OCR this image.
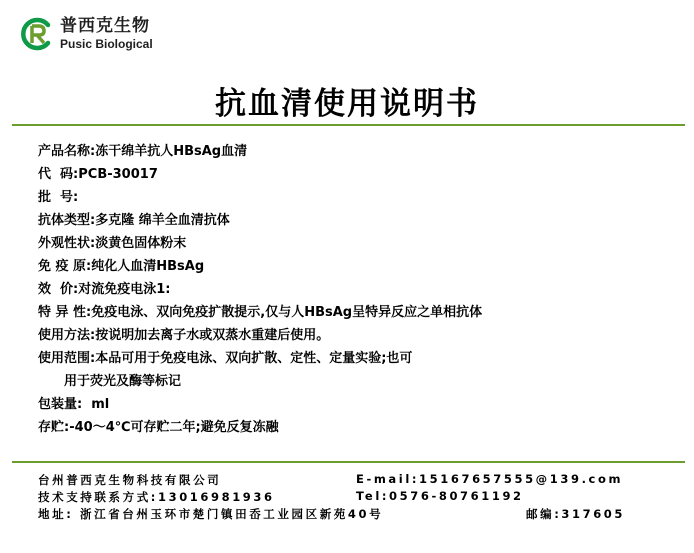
普西克生物
Pusic Biological
抗血清使用说明书
产品名称:冻干绵羊抗人HBsAg血清
代  码:PCB-30017
批  号:
抗体类型:多克隆 绵羊全血清抗体
外观性状:淡黄色固体粉末
免 疫 原:纯化人血清HBsAg
效  价:对流免疫电泳1:
特 异 性:免疫电泳、双向免疫扩散提示,仅与人HBsAg呈特异反应之单相抗体
使用方法:按说明加去离子水或双蒸水重建后使用。
使用范围:本品可用于免疫电泳、双向扩散、定性、定量实验;也可
用于荧光及酶等标记
包装量:  ml
存贮:-40～4℃可存贮二年;避免反复冻融
台州普西克生物科技有限公司	E-mail:15167657555@139.com
技术支持联系方式:13016981936	Tel:0576-80761192
地址: 浙江省台州玉环市楚门镇田岙工业园区新苑40号	邮编:317605
